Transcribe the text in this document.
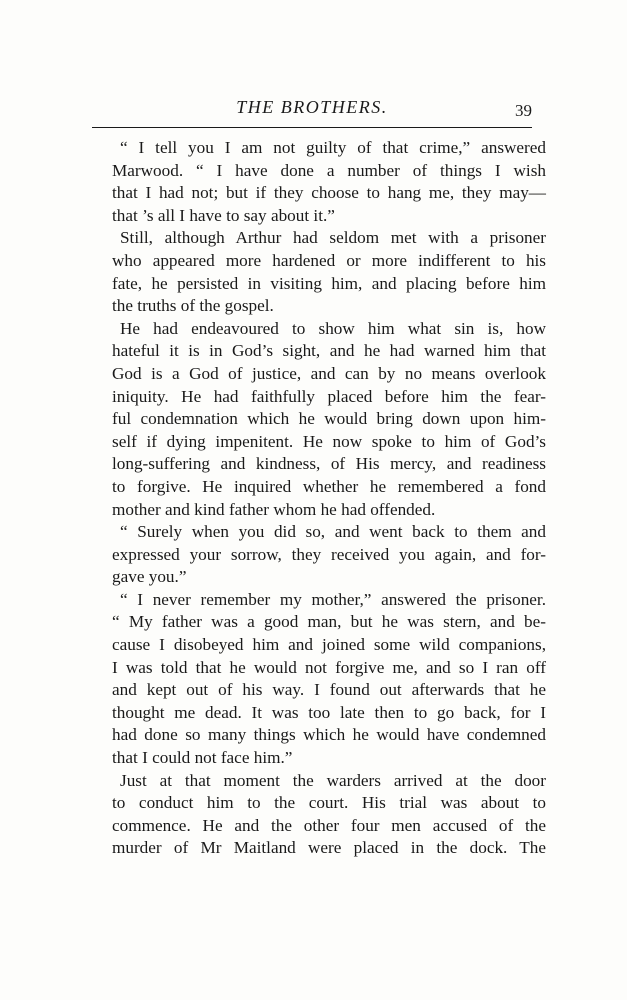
THE BROTHERS.	39
“ I tell you I am not guilty of that crime,” answered
Marwood. “ I have done a number of things I wish
that I had not; but if they choose to hang me, they may—
that ’s all I have to say about it.”
Still, although Arthur had seldom met with a prisoner
who appeared more hardened or more indifferent to his
fate, he persisted in visiting him, and placing before him
the truths of the gospel.
He had endeavoured to show him what sin is, how
hateful it is in God’s sight, and he had warned him that
God is a God of justice, and can by no means overlook
iniquity. He had faithfully placed before him the fear-
ful condemnation which he would bring down upon him-
self if dying impenitent. He now spoke to him of God’s
long-suffering and kindness, of His mercy, and readiness
to forgive. He inquired whether he remembered a fond
mother and kind father whom he had offended.
“ Surely when you did so, and went back to them and
expressed your sorrow, they received you again, and for-
gave you.”
“ I never remember my mother,” answered the prisoner.
“ My father was a good man, but he was stern, and be-
cause I disobeyed him and joined some wild companions,
I was told that he would not forgive me, and so I ran off
and kept out of his way. I found out afterwards that he
thought me dead. It was too late then to go back, for I
had done so many things which he would have condemned
that I could not face him.”
Just at that moment the warders arrived at the door
to conduct him to the court. His trial was about to
commence. He and the other four men accused of the
murder of Mr Maitland were placed in the dock. The
